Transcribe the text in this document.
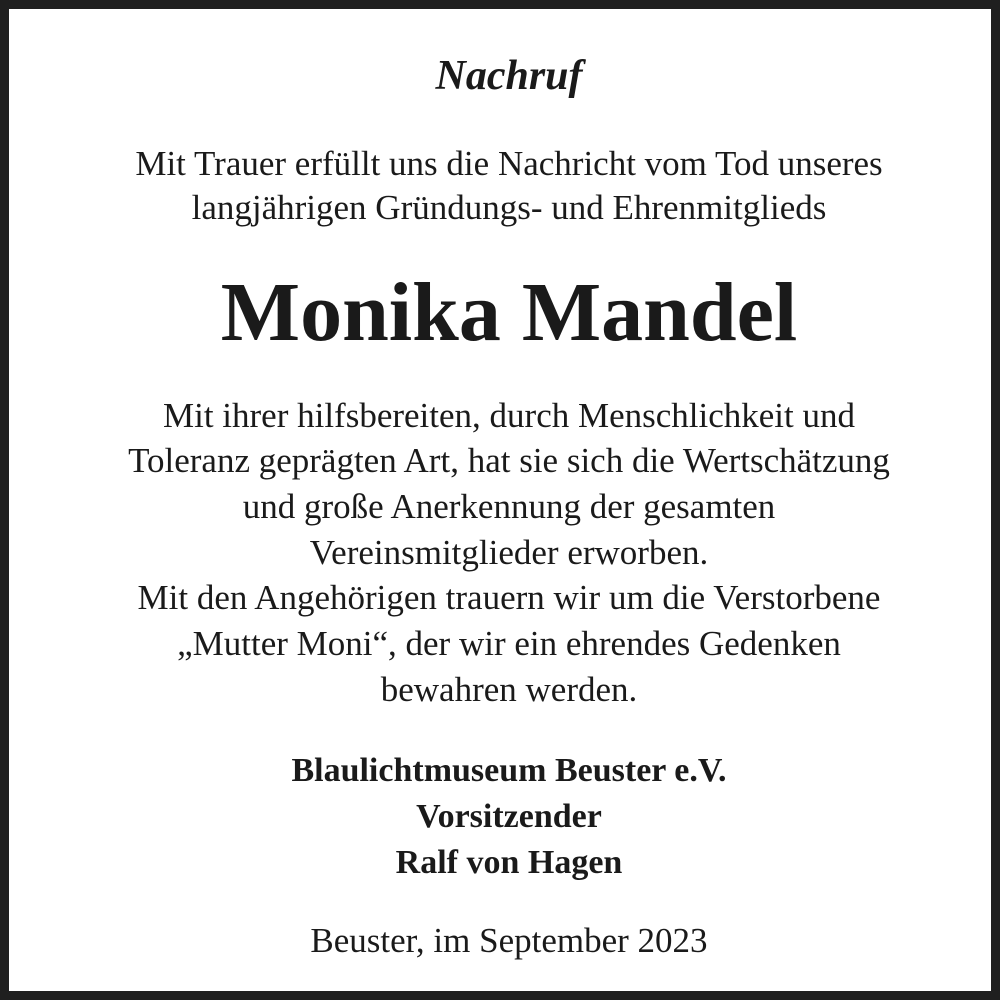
Nachruf
Mit Trauer erfüllt uns die Nachricht vom Tod unseres
langjährigen Gründungs- und Ehrenmitglieds
Monika Mandel
Mit ihrer hilfsbereiten, durch Menschlichkeit und
Toleranz geprägten Art, hat sie sich die Wertschätzung
und große Anerkennung der gesamten
Vereinsmitglieder erworben.
Mit den Angehörigen trauern wir um die Verstorbene
„Mutter Moni“, der wir ein ehrendes Gedenken
bewahren werden.
Blaulichtmuseum Beuster e.V.
Vorsitzender
Ralf von Hagen
Beuster, im September 2023
